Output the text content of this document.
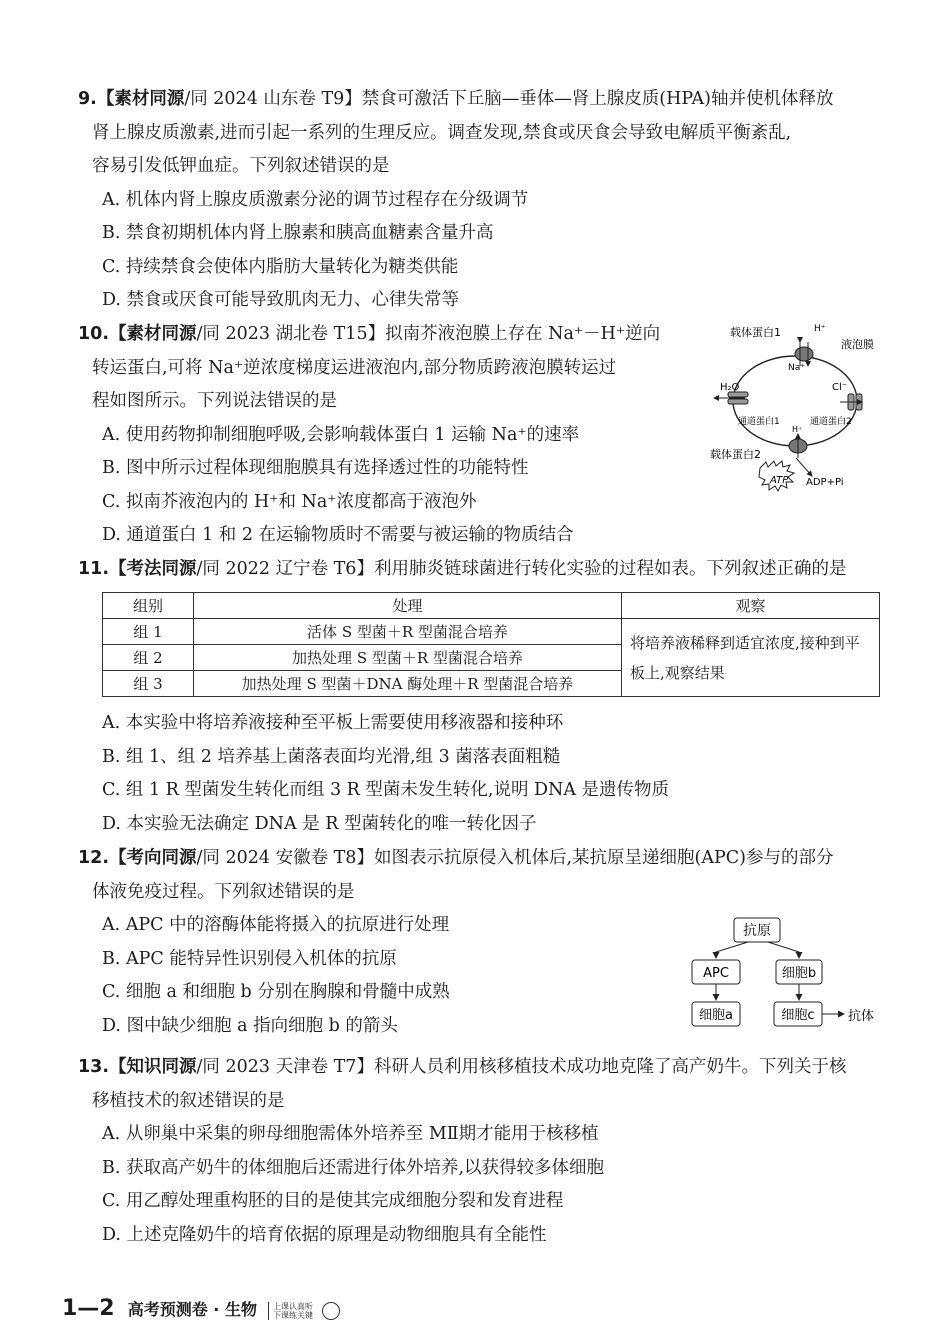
9.【素材同源/同 2024 山东卷 T9】禁食可激活下丘脑—垂体—肾上腺皮质(HPA)轴并使机体释放

肾上腺皮质激素,进而引起一系列的生理反应。调查发现,禁食或厌食会导致电解质平衡紊乱,

容易引发低钾血症。下列叙述错误的是

A. 机体内肾上腺皮质激素分泌的调节过程存在分级调节

B. 禁食初期机体内肾上腺素和胰高血糖素含量升高

C. 持续禁食会使体内脂肪大量转化为糖类供能

D. 禁食或厌食可能导致肌肉无力、心律失常等

10.【素材同源/同 2023 湖北卷 T15】拟南芥液泡膜上存在 Na⁺－H⁺逆向

转运蛋白,可将 Na⁺逆浓度梯度运进液泡内,部分物质跨液泡膜转运过

程如图所示。下列说法错误的是

A. 使用药物抑制细胞呼吸,会影响载体蛋白 1 运输 Na⁺的速率

B. 图中所示过程体现细胞膜具有选择透过性的功能特性

C. 拟南芥液泡内的 H⁺和 Na⁺浓度都高于液泡外

D. 通道蛋白 1 和 2 在运输物质时不需要与被运输的物质结合

载体蛋白1	H⁺
Na⁺
液泡膜
H₂O	Cl⁻
通道蛋白1	通道蛋白2
H⁺
载体蛋白2
ATP ADP+Pi

11.【考法同源/同 2022 辽宁卷 T6】利用肺炎链球菌进行转化实验的过程如表。下列叙述正确的是

组别	处理	观察
组 1	活体 S 型菌＋R 型菌混合培养	将培养液稀释到适宜浓度,接种到平板上,观察结果
组 2	加热处理 S 型菌＋R 型菌混合培养	
组 3	加热处理 S 型菌＋DNA 酶处理＋R 型菌混合培养	

A. 本实验中将培养液接种至平板上需要使用移液器和接种环

B. 组 1、组 2 培养基上菌落表面均光滑,组 3 菌落表面粗糙

C. 组 1 R 型菌发生转化而组 3 R 型菌未发生转化,说明 DNA 是遗传物质

D. 本实验无法确定 DNA 是 R 型菌转化的唯一转化因子

12.【考向同源/同 2024 安徽卷 T8】如图表示抗原侵入机体后,某抗原呈递细胞(APC)参与的部分

体液免疫过程。下列叙述错误的是

A. APC 中的溶酶体能将摄入的抗原进行处理

B. APC 能特异性识别侵入机体的抗原

C. 细胞 a 和细胞 b 分别在胸腺和骨髓中成熟

D. 图中缺少细胞 a 指向细胞 b 的箭头

抗原
APC	细胞b
细胞a	细胞c	抗体

13.【知识同源/同 2023 天津卷 T7】科研人员利用核移植技术成功地克隆了高产奶牛。下列关于核

移植技术的叙述错误的是

A. 从卵巢中采集的卵母细胞需体外培养至 MⅡ期才能用于核移植

B. 获取高产奶牛的体细胞后还需进行体外培养,以获得较多体细胞

C. 用乙醇处理重构胚的目的是使其完成细胞分裂和发育进程

D. 上述克隆奶牛的培育依据的原理是动物细胞具有全能性

1—2 高考预测卷 · 生物 上课认真听
下课练关键
